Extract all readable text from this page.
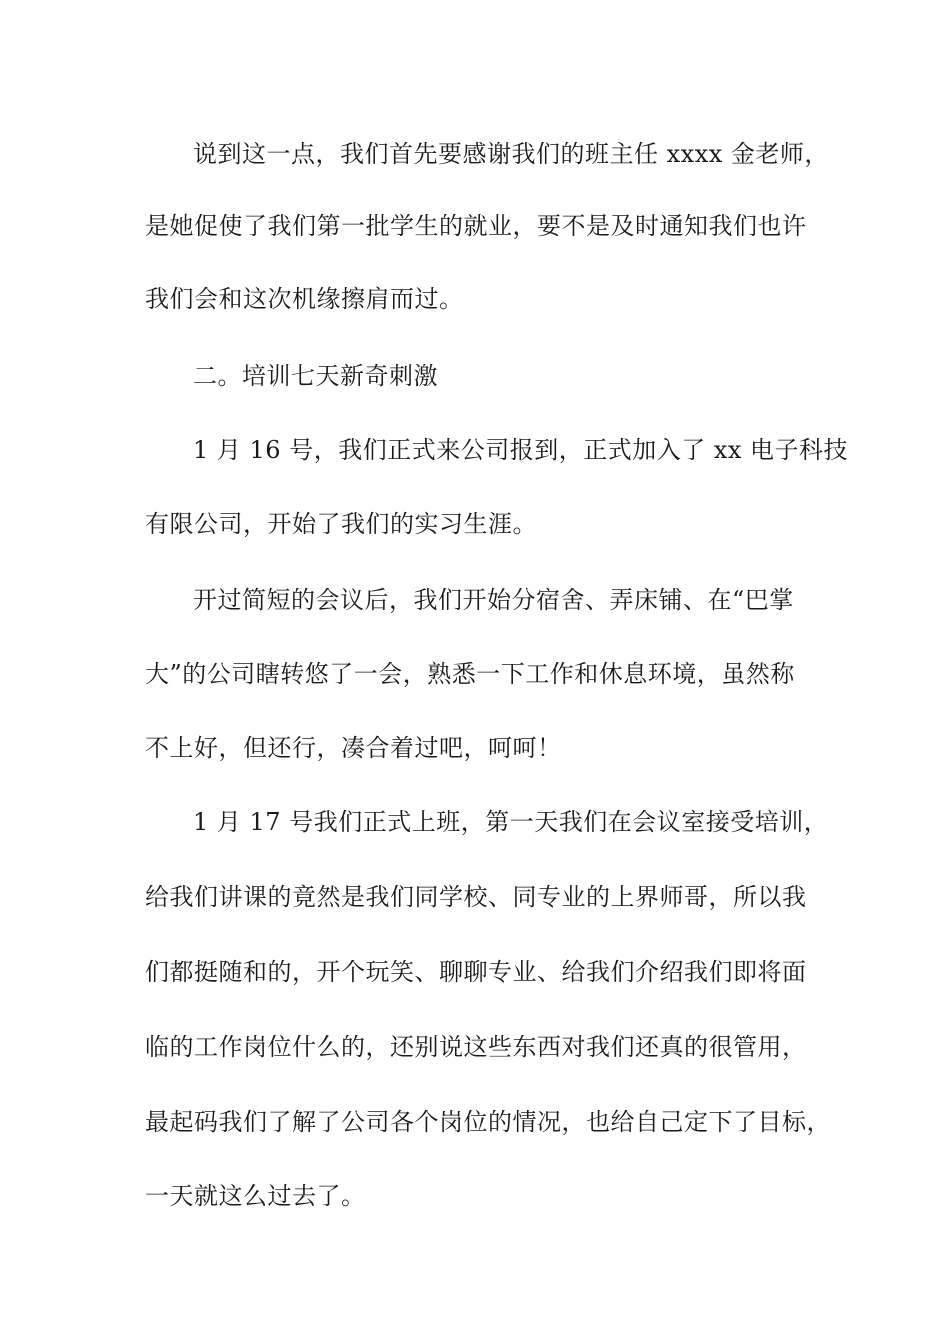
说到这一点，我们首先要感谢我们的班主任 xxxx 金老师，

是她促使了我们第一批学生的就业，要不是及时通知我们也许

我们会和这次机缘擦肩而过。

二。培训七天新奇刺激

1 月 16 号，我们正式来公司报到，正式加入了 xx 电子科技

有限公司，开始了我们的实习生涯。

开过简短的会议后，我们开始分宿舍、弄床铺、在“巴掌

大”的公司瞎转悠了一会，熟悉一下工作和休息环境，虽然称

不上好，但还行，凑合着过吧，呵呵！

1 月 17 号我们正式上班，第一天我们在会议室接受培训，

给我们讲课的竟然是我们同学校、同专业的上界师哥，所以我

们都挺随和的，开个玩笑、聊聊专业、给我们介绍我们即将面

临的工作岗位什么的，还别说这些东西对我们还真的很管用，

最起码我们了解了公司各个岗位的情况，也给自己定下了目标，

一天就这么过去了。
